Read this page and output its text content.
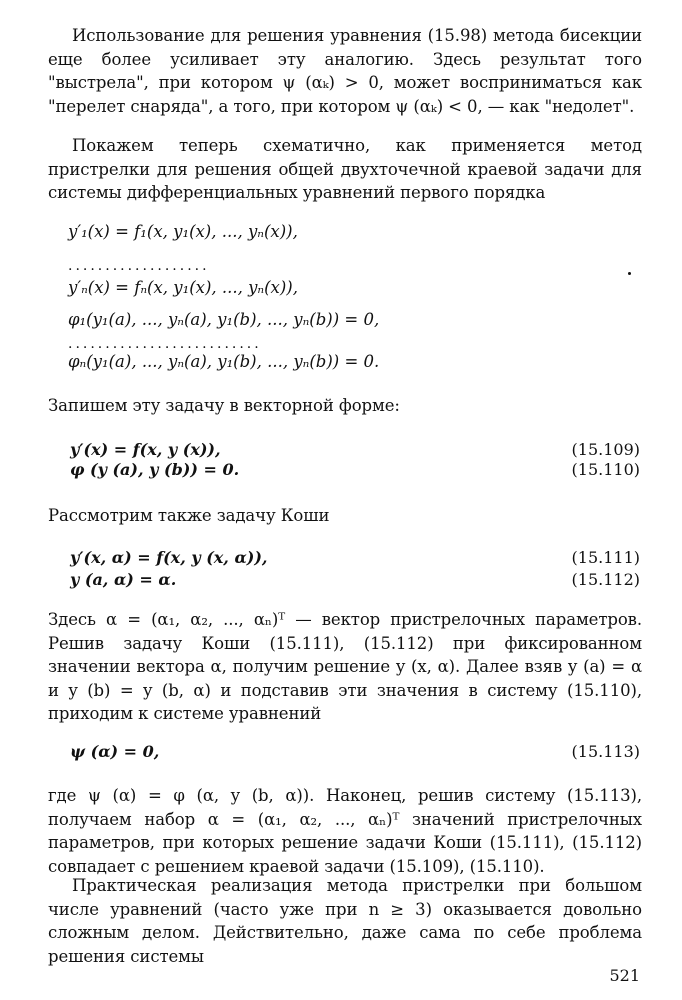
Использование для решения уравнения (15.98) метода бисекции еще более усиливает эту аналогию. Здесь результат того "выстрела", при котором ψ (αₖ) > 0, может восприниматься как "перелет снаряда", а того, при котором ψ (αₖ) < 0, — как "недолет".

Покажем теперь схематично, как применяется метод пристрелки для решения общей двухточечной краевой задачи для системы дифференциальных уравнений первого порядка

y′₁(x) = f₁(x, y₁(x), ..., yₙ(x)),
...................
y′ₙ(x) = fₙ(x, y₁(x), ..., yₙ(x)),
φ₁(y₁(a), ..., yₙ(a), y₁(b), ..., yₙ(b)) = 0,
..........................
φₙ(y₁(a), ..., yₙ(a), y₁(b), ..., yₙ(b)) = 0.

Запишем эту задачу в векторной форме:

y′(x) = f(x, y (x)),	(15.109)
φ (y (a), y (b)) = 0.	(15.110)

Рассмотрим также задачу Коши

y′(x, α) = f(x, y (x, α)),	(15.111)
y (a, α) = α.	(15.112)

Здесь α = (α₁, α₂, ..., αₙ)ᵀ — вектор пристрелочных параметров. Решив задачу Коши (15.111), (15.112) при фиксированном значении вектора α, получим решение y (x, α). Далее взяв y (a) = α и y (b) = y (b, α) и подставив эти значения в систему (15.110), приходим к системе уравнений

ψ (α) = 0,	(15.113)

где ψ (α) = φ (α, y (b, α)). Наконец, решив систему (15.113), получаем набор α = (α₁, α₂, ..., αₙ)ᵀ значений пристрелочных параметров, при которых решение задачи Коши (15.111), (15.112) совпадает с решением краевой задачи (15.109), (15.110).

Практическая реализация метода пристрелки при большом числе уравнений (часто уже при n ≥ 3) оказывается довольно сложным делом. Действительно, даже сама по себе проблема решения системы

521
